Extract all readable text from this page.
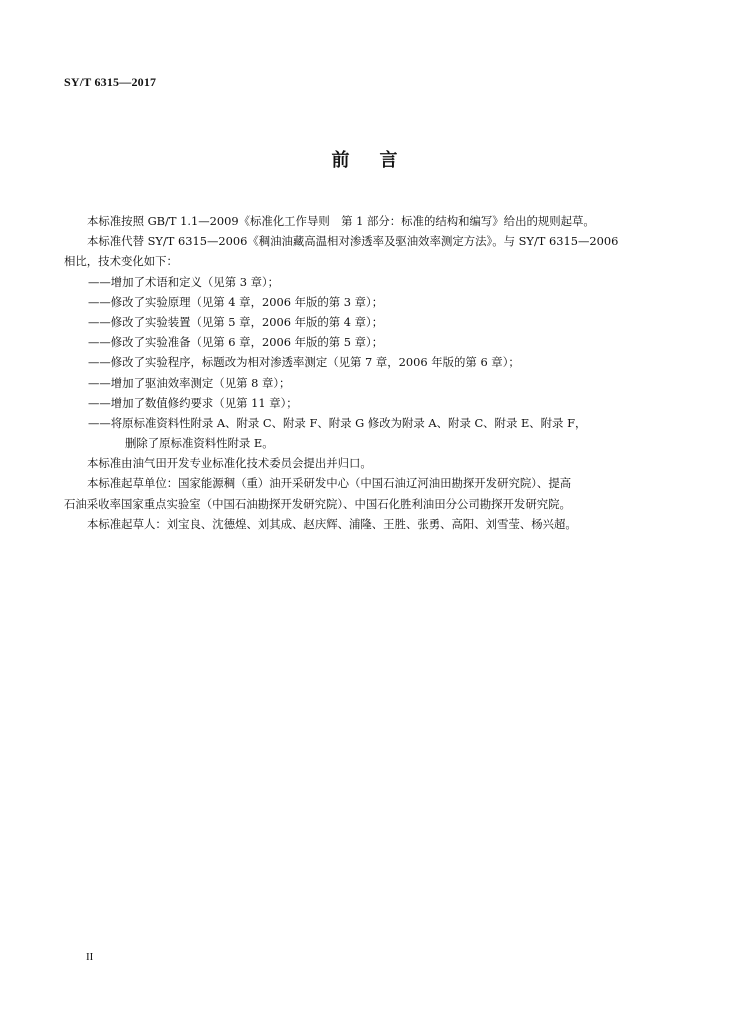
SY/T 6315—2017
前言
本标准按照 GB/T 1.1—2009《标准化工作导则　第 1 部分：标准的结构和编写》给出的规则起草。
本标准代替 SY/T 6315—2006《稠油油藏高温相对渗透率及驱油效率测定方法》。与 SY/T 6315—2006
相比，技术变化如下：
——增加了术语和定义（见第 3 章）；
——修改了实验原理（见第 4 章，2006 年版的第 3 章）；
——修改了实验装置（见第 5 章，2006 年版的第 4 章）；
——修改了实验准备（见第 6 章，2006 年版的第 5 章）；
——修改了实验程序，标题改为相对渗透率测定（见第 7 章，2006 年版的第 6 章）；
——增加了驱油效率测定（见第 8 章）；
——增加了数值修约要求（见第 11 章）；
——将原标准资料性附录 A、附录 C、附录 F、附录 G 修改为附录 A、附录 C、附录 E、附录 F，
删除了原标准资料性附录 E。
本标准由油气田开发专业标准化技术委员会提出并归口。
本标准起草单位：国家能源稠（重）油开采研发中心（中国石油辽河油田勘探开发研究院）、提高
石油采收率国家重点实验室（中国石油勘探开发研究院）、中国石化胜利油田分公司勘探开发研究院。
本标准起草人：刘宝良、沈德煌、刘其成、赵庆辉、浦隆、王胜、张勇、高阳、刘雪莹、杨兴超。
II
